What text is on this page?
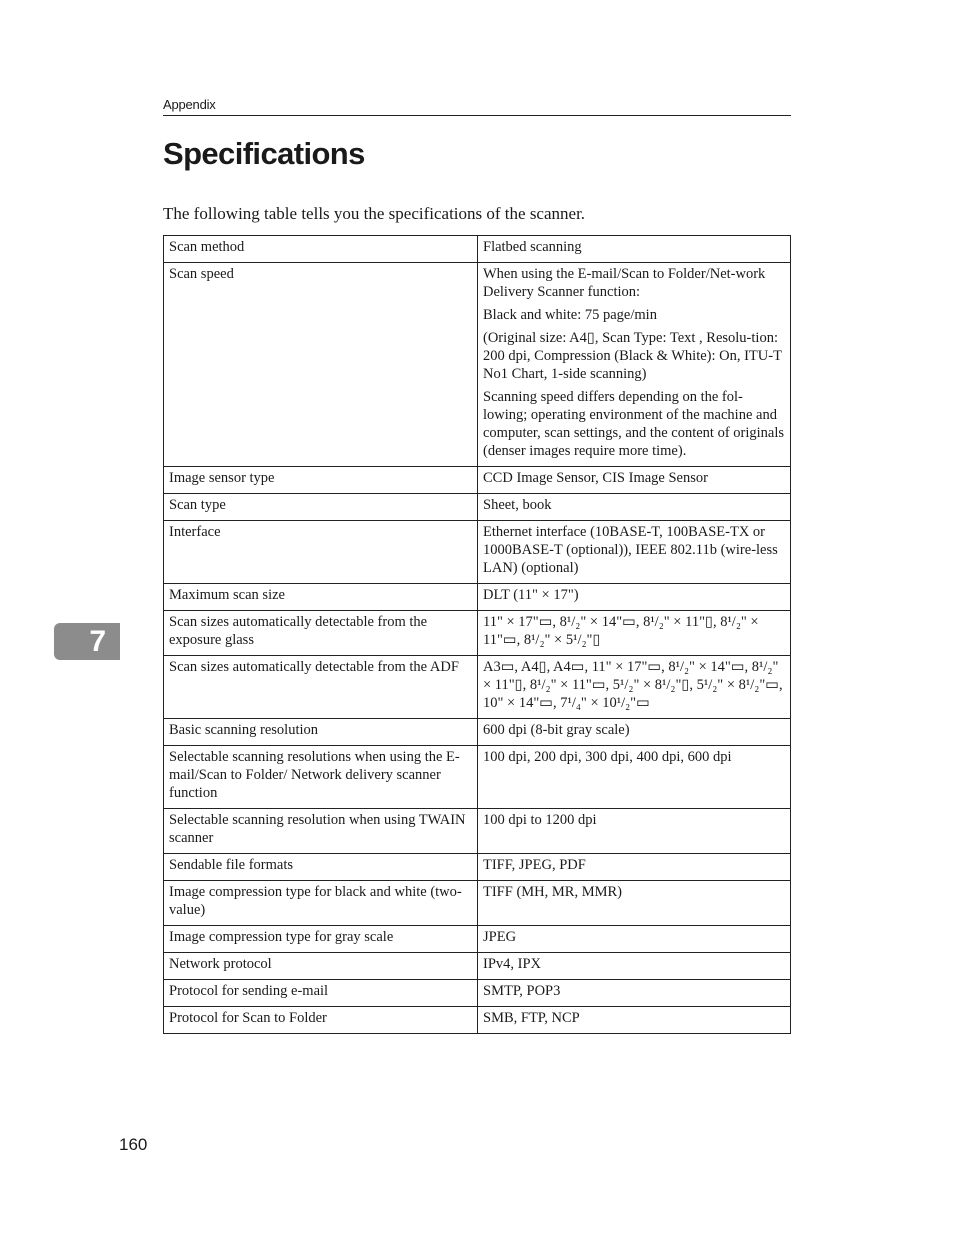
Appendix
Specifications

The following table tells you the specifications of the scanner.

Scan method	Flatbed scanning

Scan speed	When using the E-mail/Scan to Folder/Net-work Delivery Scanner function:

Black and white: 75 page/min

(Original size: A4▯, Scan Type: Text , Resolu-tion: 200 dpi, Compression (Black & White): On, ITU-T No1 Chart, 1-side scanning)

Scanning speed differs depending on the fol-lowing; operating environment of the machine and computer, scan settings, and the content of originals (denser images require more time).

Image sensor type	CCD Image Sensor, CIS Image Sensor

Scan type	Sheet, book

Interface	Ethernet interface (10BASE-T, 100BASE-TX or 1000BASE-T (optional)), IEEE 802.11b (wire-less LAN) (optional)

Maximum scan size	DLT (11" × 17")

Scan sizes automatically detectable from the exposure glass	11" × 17"▭, 8¹/₂" × 14"▭, 8¹/₂" × 11"▯, 8¹/₂" × 11"▭, 8¹/₂" × 5¹/₂"▯

Scan sizes automatically detectable from the ADF	A3▭, A4▯, A4▭, 11" × 17"▭, 8¹/₂" × 14"▭, 8¹/₂" × 11"▯, 8¹/₂" × 11"▭, 5¹/₂" × 8¹/₂"▯, 5¹/₂" × 8¹/₂"▭, 10" × 14"▭, 7¹/₄" × 10¹/₂"▭

Basic scanning resolution	600 dpi (8-bit gray scale)

Selectable scanning resolutions when using the E-mail/Scan to Folder/ Network delivery scanner function	100 dpi, 200 dpi, 300 dpi, 400 dpi, 600 dpi

Selectable scanning resolution when using TWAIN scanner	100 dpi to 1200 dpi

Sendable file formats	TIFF, JPEG, PDF

Image compression type for black and white (two-value)	TIFF (MH, MR, MMR)

Image compression type for gray scale	JPEG

Network protocol	IPv4, IPX

Protocol for sending e-mail	SMTP, POP3

Protocol for Scan to Folder	SMB, FTP, NCP

7
160
